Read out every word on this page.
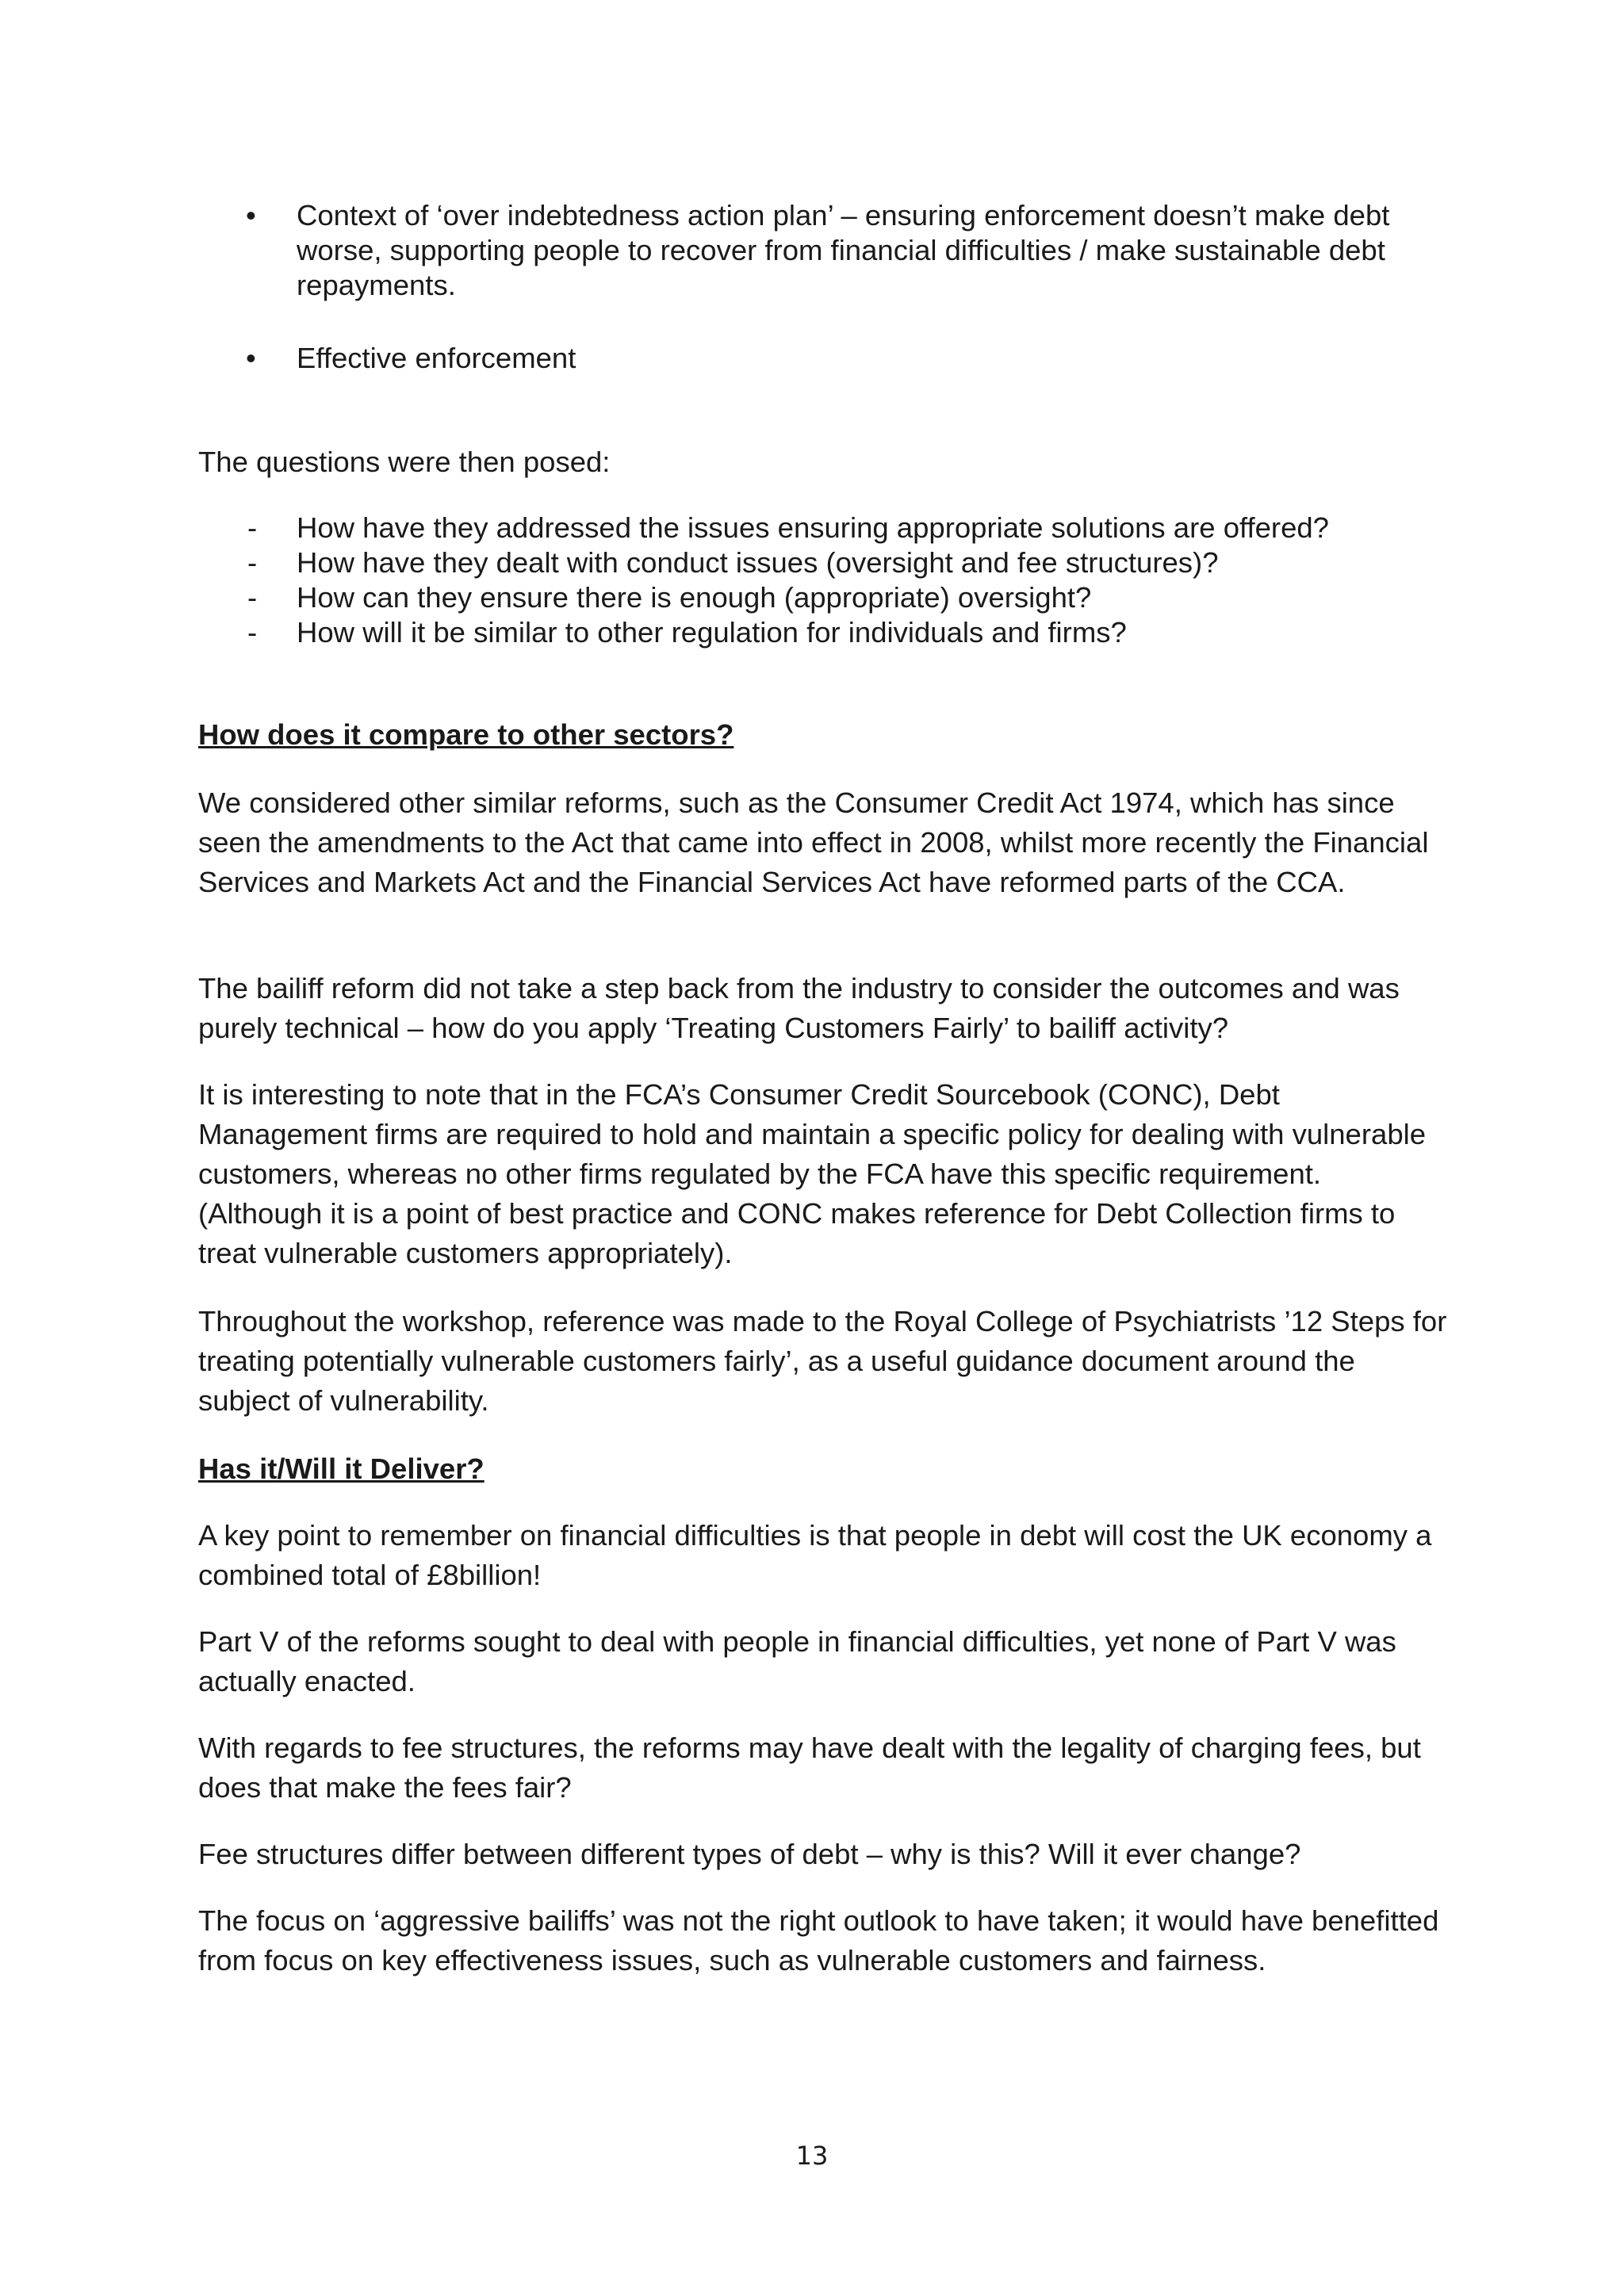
•	Context of ‘over indebtedness action plan’ – ensuring enforcement doesn’t make debt worse, supporting people to recover from financial difficulties / make sustainable debt repayments.
•	Effective enforcement
The questions were then posed:
-	How have they addressed the issues ensuring appropriate solutions are offered?
-	How have they dealt with conduct issues (oversight and fee structures)?
-	How can they ensure there is enough (appropriate) oversight?
-	How will it be similar to other regulation for individuals and firms?
How does it compare to other sectors?
We considered other similar reforms, such as the Consumer Credit Act 1974, which has since seen the amendments to the Act that came into effect in 2008, whilst more recently the Financial Services and Markets Act and the Financial Services Act have reformed parts of the CCA.
The bailiff reform did not take a step back from the industry to consider the outcomes and was purely technical – how do you apply ‘Treating Customers Fairly’ to bailiff activity?
It is interesting to note that in the FCA’s Consumer Credit Sourcebook (CONC), Debt Management firms are required to hold and maintain a specific policy for dealing with vulnerable customers, whereas no other firms regulated by the FCA have this specific requirement. (Although it is a point of best practice and CONC makes reference for Debt Collection firms to treat vulnerable customers appropriately).
Throughout the workshop, reference was made to the Royal College of Psychiatrists ’12 Steps for treating potentially vulnerable customers fairly’, as a useful guidance document around the subject of vulnerability.
Has it/Will it Deliver?
A key point to remember on financial difficulties is that people in debt will cost the UK economy a combined total of £8billion!
Part V of the reforms sought to deal with people in financial difficulties, yet none of Part V was actually enacted.
With regards to fee structures, the reforms may have dealt with the legality of charging fees, but does that make the fees fair?
Fee structures differ between different types of debt – why is this? Will it ever change?
The focus on ‘aggressive bailiffs’ was not the right outlook to have taken; it would have benefitted from focus on key effectiveness issues, such as vulnerable customers and fairness.
13
